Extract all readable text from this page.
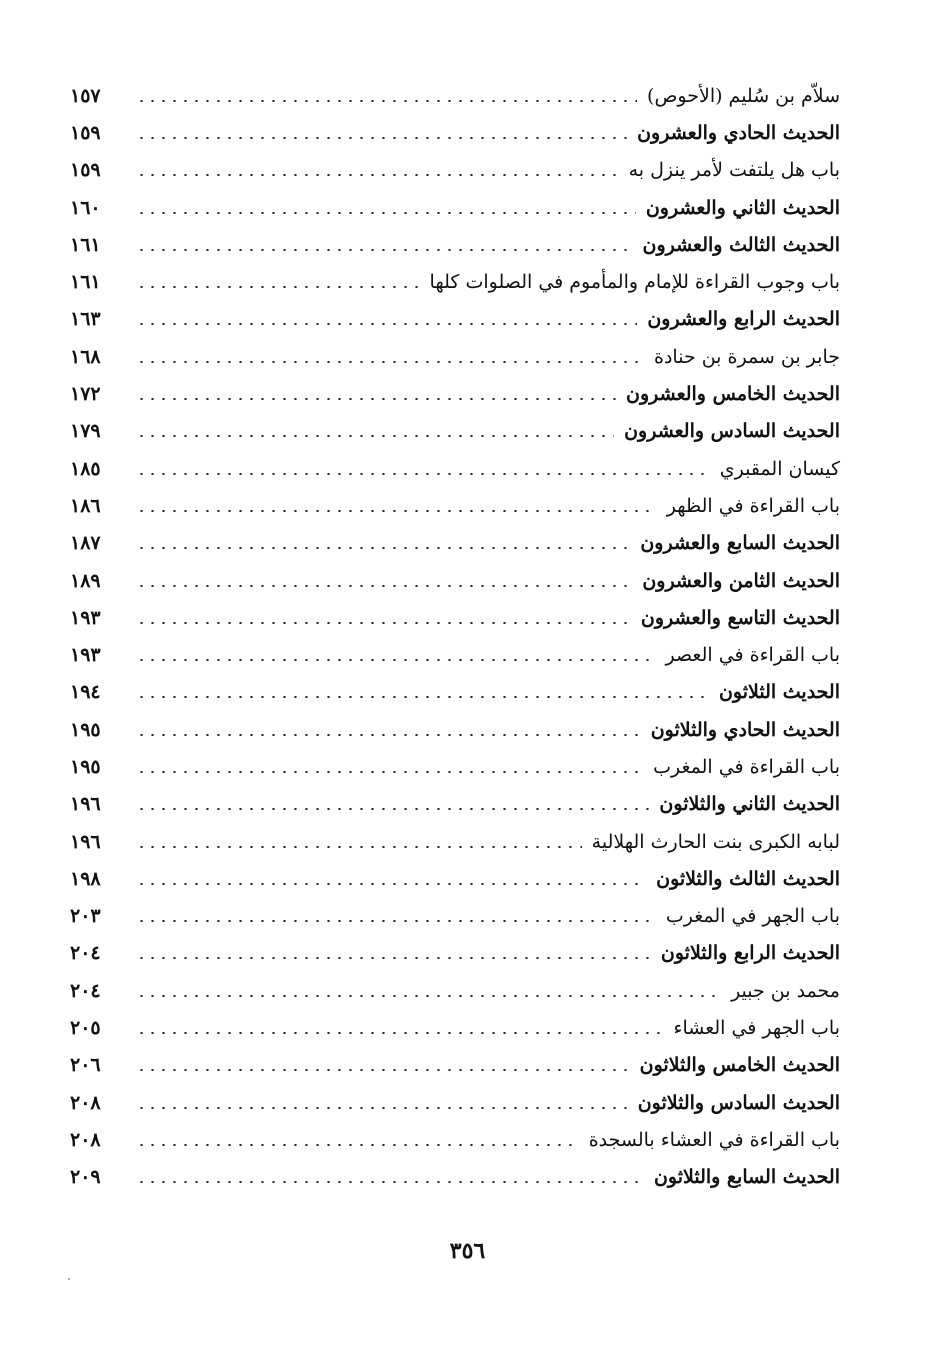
سلاّم بن سُليم (الأحوص)
١٥٧
الحديث الحادي والعشرون
١٥٩
باب هل يلتفت لأمر ينزل به
١٥٩
الحديث الثاني والعشرون
١٦٠
الحديث الثالث والعشرون
١٦١
باب وجوب القراءة للإمام والمأموم في الصلوات كلها
١٦١
الحديث الرابع والعشرون
١٦٣
جابر بن سمرة بن حنادة
١٦٨
الحديث الخامس والعشرون
١٧٢
الحديث السادس والعشرون
١٧٩
كيسان المقبري
١٨٥
باب القراءة في الظهر
١٨٦
الحديث السابع والعشرون
١٨٧
الحديث الثامن والعشرون
١٨٩
الحديث التاسع والعشرون
١٩٣
باب القراءة في العصر
١٩٣
الحديث الثلاثون
١٩٤
الحديث الحادي والثلاثون
١٩٥
باب القراءة في المغرب
١٩٥
الحديث الثاني والثلاثون
١٩٦
لبابه الكبرى بنت الحارث الهلالية
١٩٦
الحديث الثالث والثلاثون
١٩٨
باب الجهر في المغرب
٢٠٣
الحديث الرابع والثلاثون
٢٠٤
محمد بن جبير
٢٠٤
باب الجهر في العشاء
٢٠٥
الحديث الخامس والثلاثون
٢٠٦
الحديث السادس والثلاثون
٢٠٨
باب القراءة في العشاء بالسجدة
٢٠٨
الحديث السابع والثلاثون
٢٠٩
٣٥٦
